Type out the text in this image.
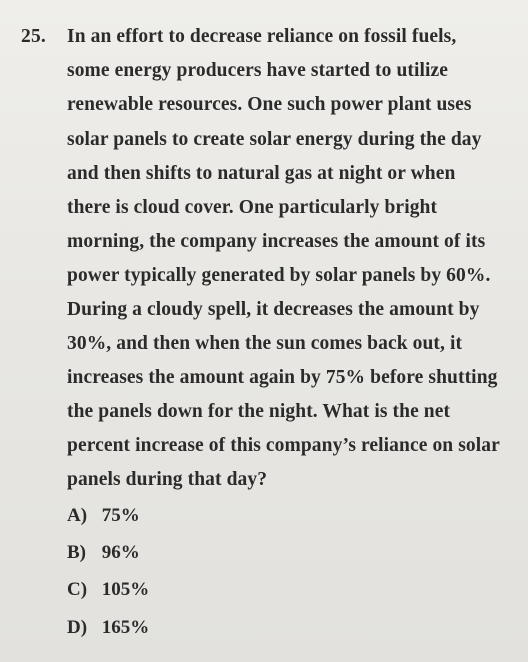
25. In an effort to decrease reliance on fossil fuels,
some energy producers have started to utilize
renewable resources. One such power plant uses
solar panels to create solar energy during the day
and then shifts to natural gas at night or when
there is cloud cover. One particularly bright
morning, the company increases the amount of its
power typically generated by solar panels by 60%.
During a cloudy spell, it decreases the amount by
30%, and then when the sun comes back out, it
increases the amount again by 75% before shutting
the panels down for the night. What is the net
percent increase of this company’s reliance on solar
panels during that day?
A) 75%
B) 96%
C) 105%
D) 165%
